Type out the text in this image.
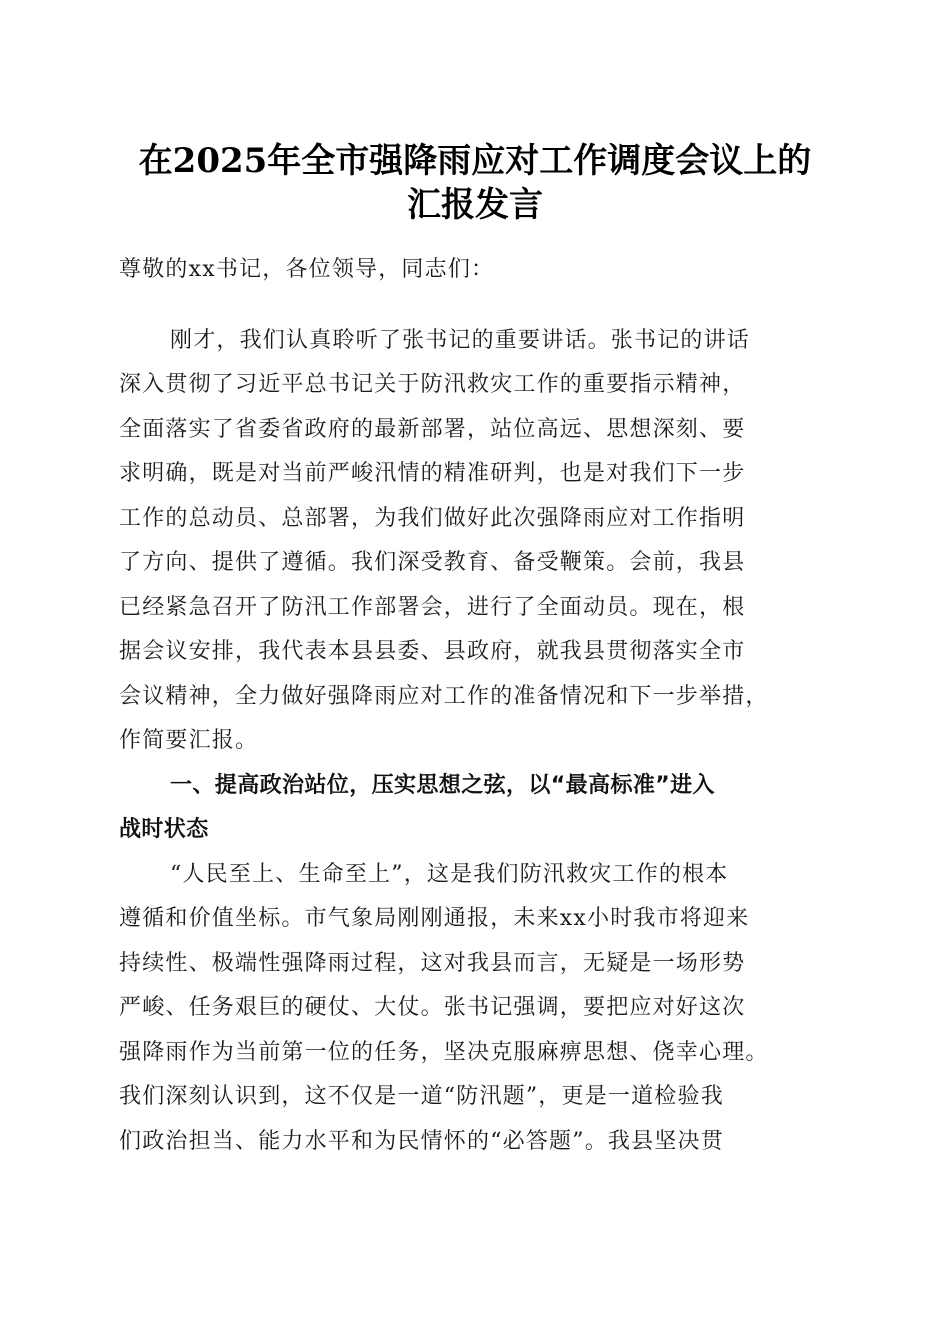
在2025年全市强降雨应对工作调度会议上的
汇报发言
尊敬的xx书记，各位领导，同志们：
刚才，我们认真聆听了张书记的重要讲话。张书记的讲话
深入贯彻了习近平总书记关于防汛救灾工作的重要指示精神，
全面落实了省委省政府的最新部署，站位高远、思想深刻、要
求明确，既是对当前严峻汛情的精准研判，也是对我们下一步
工作的总动员、总部署，为我们做好此次强降雨应对工作指明
了方向、提供了遵循。我们深受教育、备受鞭策。会前，我县
已经紧急召开了防汛工作部署会，进行了全面动员。现在，根
据会议安排，我代表本县县委、县政府，就我县贯彻落实全市
会议精神，全力做好强降雨应对工作的准备情况和下一步举措，
作简要汇报。
一、提高政治站位，压实思想之弦，以“最高标准”进入
战时状态
“人民至上、生命至上”，这是我们防汛救灾工作的根本
遵循和价值坐标。市气象局刚刚通报，未来xx小时我市将迎来
持续性、极端性强降雨过程，这对我县而言，无疑是一场形势
严峻、任务艰巨的硬仗、大仗。张书记强调，要把应对好这次
强降雨作为当前第一位的任务，坚决克服麻痹思想、侥幸心理。
我们深刻认识到，这不仅是一道“防汛题”，更是一道检验我
们政治担当、能力水平和为民情怀的“必答题”。我县坚决贯
